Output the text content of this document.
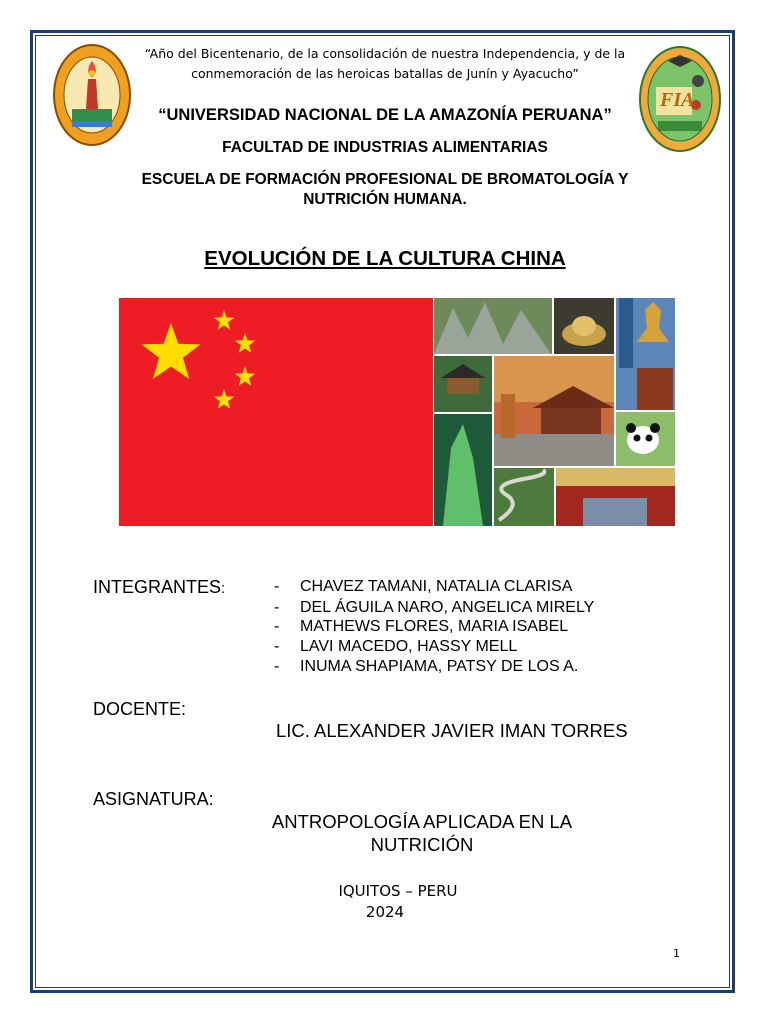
FIA
“Año del Bicentenario, de la consolidación de nuestra Independencia, y de la
conmemoración de las heroicas batallas de Junín y Ayacucho”
“UNIVERSIDAD NACIONAL DE LA AMAZONÍA PERUANA”
FACULTAD DE INDUSTRIAS ALIMENTARIAS
ESCUELA DE FORMACIÓN PROFESIONAL DE BROMATOLOGÍA Y
NUTRICIÓN HUMANA.
EVOLUCIÓN DE LA CULTURA CHINA
INTEGRANTES:	- CHAVEZ TAMANI, NATALIA CLARISA
- DEL ÁGUILA NARO, ANGELICA MIRELY
- MATHEWS FLORES, MARIA ISABEL
- LAVI MACEDO, HASSY MELL
- INUMA SHAPIAMA, PATSY DE LOS A.
DOCENTE:
LIC. ALEXANDER JAVIER IMAN TORRES
ASIGNATURA:
ANTROPOLOGÍA APLICADA EN LA
NUTRICIÓN
IQUITOS – PERU
2024
1
